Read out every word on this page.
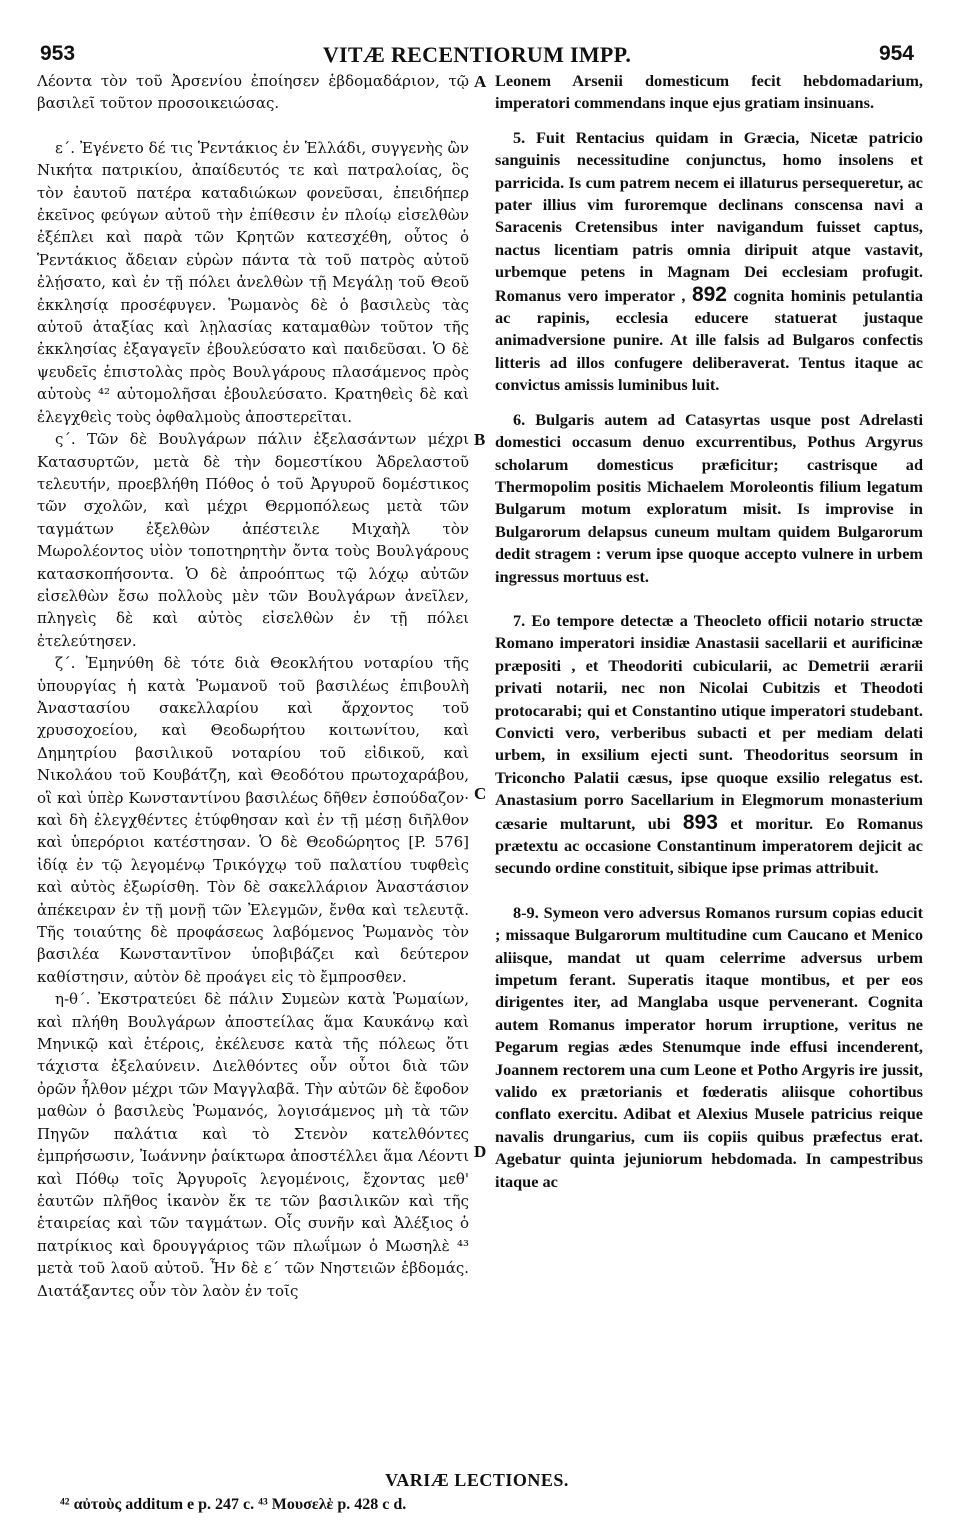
953	VITÆ RECENTIORUM IMPP.	954
A
B
C
D

Λέοντα τὸν τοῦ Ἀρσενίου ἐποίησεν ἑβδομαδάριον, τῷ βασιλεῖ τοῦτον προσοικειώσας.

ε΄. Ἐγένετο δέ τις Ῥεντάκιος ἐν Ἑλλάδι, συγγενὴς ὢν Νικήτα πατρικίου, ἀπαίδευτός τε καὶ πατραλοίας, ὃς τὸν ἑαυτοῦ πατέρα καταδιώκων φονεῦσαι, ἐπειδήπερ ἐκεῖνος φεύγων αὐτοῦ τὴν ἐπίθεσιν ἐν πλοίῳ εἰσελθὼν ἐξέπλει καὶ παρὰ τῶν Κρητῶν κατεσχέθη, οὗτος ὁ Ῥεντάκιος ἄδειαν εὑρὼν πάντα τὰ τοῦ πατρὸς αὐτοῦ ἐλῄσατο, καὶ ἐν τῇ πόλει ἀνελθὼν τῇ Μεγάλῃ τοῦ Θεοῦ ἐκκλησίᾳ προσέφυγεν. Ῥωμανὸς δὲ ὁ βασιλεὺς τὰς αὐτοῦ ἀταξίας καὶ λῃλασίας καταμαθὼν τοῦτον τῆς ἐκκλησίας ἐξαγαγεῖν ἐβουλεύσατο καὶ παιδεῦσαι. Ὁ δὲ ψευδεῖς ἐπιστολὰς πρὸς Βουλγάρους πλασάμενος πρὸς αὐτοὺς ⁴² αὐτομολῆσαι ἐβουλεύσατο. Κρατηθεὶς δὲ καὶ ἐλεγχθεὶς τοὺς ὀφθαλμοὺς ἀποστερεῖται.

ς΄. Τῶν δὲ Βουλγάρων πάλιν ἐξελασάντων μέχρι Κατασυρτῶν, μετὰ δὲ τὴν δομεστίκου Ἀδρελαστοῦ τελευτήν, προεβλήθη Πόθος ὁ τοῦ Ἀργυροῦ δομέστικος τῶν σχολῶν, καὶ μέχρι Θερμοπόλεως μετὰ τῶν ταγμάτων ἐξελθὼν ἀπέστειλε Μιχαὴλ τὸν Μωρολέοντος υἱὸν τοποτηρητὴν ὄντα τοὺς Βουλγάρους κατασκοπήσοντα. Ὁ δὲ ἀπροόπτως τῷ λόχῳ αὐτῶν εἰσελθὼν ἔσω πολλοὺς μὲν τῶν Βουλγάρων ἀνεῖλεν, πληγεὶς δὲ καὶ αὐτὸς εἰσελθὼν ἐν τῇ πόλει ἐτελεύτησεν.

ζ΄. Ἐμηνύθη δὲ τότε διὰ Θεοκλήτου νοταρίου τῆς ὑπουργίας ἡ κατὰ Ῥωμανοῦ τοῦ βασιλέως ἐπιβουλὴ Ἀναστασίου σακελλαρίου καὶ ἄρχοντος τοῦ χρυσοχοείου, καὶ Θεοδωρήτου κοιτωνίτου, καὶ Δημητρίου βασιλικοῦ νοταρίου τοῦ εἰδικοῦ, καὶ Νικολάου τοῦ Κουβάτζη, καὶ Θεοδότου πρωτοχαράβου, οἳ καὶ ὑπὲρ Κωνσταντίνου βασιλέως δῆθεν ἐσπούδαζον· καὶ δὴ ἐλεγχθέντες ἐτύφθησαν καὶ ἐν τῇ μέσῃ διῆλθον καὶ ὑπερόριοι κατέστησαν. Ὁ δὲ Θεοδώρητος [P. 576] ἰδίᾳ ἐν τῷ λεγομένῳ Τρικόγχῳ τοῦ παλατίου τυφθεὶς καὶ αὐτὸς ἐξωρίσθη. Τὸν δὲ σακελλάριον Ἀναστάσιον ἀπέκειραν ἐν τῇ μονῇ τῶν Ἐλεγμῶν, ἔνθα καὶ τελευτᾷ. Τῆς τοιαύτης δὲ προφάσεως λαβόμενος Ῥωμανὸς τὸν βασιλέα Κωνσταντῖνον ὑποβιβάζει καὶ δεύτερον καθίστησιν, αὐτὸν δὲ προάγει εἰς τὸ ἔμπροσθεν.

η-θ΄. Ἐκστρατεύει δὲ πάλιν Συμεὼν κατὰ Ῥωμαίων, καὶ πλήθη Βουλγάρων ἀποστείλας ἅμα Καυκάνῳ καὶ Μηνικῷ καὶ ἑτέροις, ἐκέλευσε κατὰ τῆς πόλεως ὅτι τάχιστα ἐξελαύνειν. Διελθόντες οὖν οὗτοι διὰ τῶν ὀρῶν ἦλθον μέχρι τῶν Μαγγλαβᾶ. Τὴν αὐτῶν δὲ ἔφοδον μαθὼν ὁ βασιλεὺς Ῥωμανός, λογισάμενος μὴ τὰ τῶν Πηγῶν παλάτια καὶ τὸ Στενὸν κατελθόντες ἐμπρήσωσιν, Ἰωάννην ῥαίκτωρα ἀποστέλλει ἅμα Λέοντι καὶ Πόθῳ τοῖς Ἀργυροῖς λεγομένοις, ἔχοντας μεθ' ἑαυτῶν πλῆθος ἱκανὸν ἔκ τε τῶν βασιλικῶν καὶ τῆς ἑταιρείας καὶ τῶν ταγμάτων. Οἷς συνῆν καὶ Ἀλέξιος ὁ πατρίκιος καὶ δρουγγάριος τῶν πλωΐμων ὁ Μωσηλὲ ⁴³ μετὰ τοῦ λαοῦ αὐτοῦ. Ἦν δὲ ε΄ τῶν Νηστειῶν ἑβδομάς. Διατάξαντες οὖν τὸν λαὸν ἐν τοῖς

Leonem Arsenii domesticum fecit hebdomadarium, imperatori commendans inque ejus gratiam insinuans.

5. Fuit Rentacius quidam in Græcia, Nicetæ patricio sanguinis necessitudine conjunctus, homo insolens et parricida. Is cum patrem necem ei illaturus persequeretur, ac pater illius vim furoremque declinans conscensa navi a Saracenis Cretensibus inter navigandum fuisset captus, nactus licentiam patris omnia diripuit atque vastavit, urbemque petens in Magnam Dei ecclesiam profugit. Romanus vero imperator , 892 cognita hominis petulantia ac rapinis, ecclesia educere statuerat justaque animadversione punire. At ille falsis ad Bulgaros confectis litteris ad illos confugere deliberaverat. Tentus itaque ac convictus amissis luminibus luit.

6. Bulgaris autem ad Catasyrtas usque post Adrelasti domestici occasum denuo excurrentibus, Pothus Argyrus scholarum domesticus præficitur; castrisque ad Thermopolim positis Michaelem Moroleontis filium legatum Bulgarum motum exploratum misit. Is improvise in Bulgarorum delapsus cuneum multam quidem Bulgarorum dedit stragem : verum ipse quoque accepto vulnere in urbem ingressus mortuus est.

7. Eo tempore detectæ a Theocleto officii notario structæ Romano imperatori insidiæ Anastasii sacellarii et aurificinæ præpositi , et Theodoriti cubicularii, ac Demetrii ærarii privati notarii, nec non Nicolai Cubitzis et Theodoti protocarabi; qui et Constantino utique imperatori studebant. Convicti vero, verberibus subacti et per mediam delati urbem, in exsilium ejecti sunt. Theodoritus seorsum in Triconcho Palatii cæsus, ipse quoque exsilio relegatus est. Anastasium porro Sacellarium in Elegmorum monasterium cæsarie multarunt, ubi 893 et moritur. Eo Romanus prætextu ac occasione Constantinum imperatorem dejicit ac secundo ordine constituit, sibique ipse primas attribuit.

8-9. Symeon vero adversus Romanos rursum copias educit ; missaque Bulgarorum multitudine cum Caucano et Menico aliisque, mandat ut quam celerrime adversus urbem impetum ferant. Superatis itaque montibus, et per eos dirigentes iter, ad Manglaba usque pervenerant. Cognita autem Romanus imperator horum irruptione, veritus ne Pegarum regias ædes Stenumque inde effusi incenderent, Joannem rectorem una cum Leone et Potho Argyris ire jussit, valido ex prætorianis et fœderatis aliisque cohortibus conflato exercitu. Adibat et Alexius Musele patricius reique navalis drungarius, cum iis copiis quibus præfectus erat. Agebatur quinta jejuniorum hebdomada. In campestribus itaque ac

VARIÆ LECTIONES.
⁴² αὐτοὺς additum e p. 247 c. ⁴³ Μουσελὲ p. 428 c d.
